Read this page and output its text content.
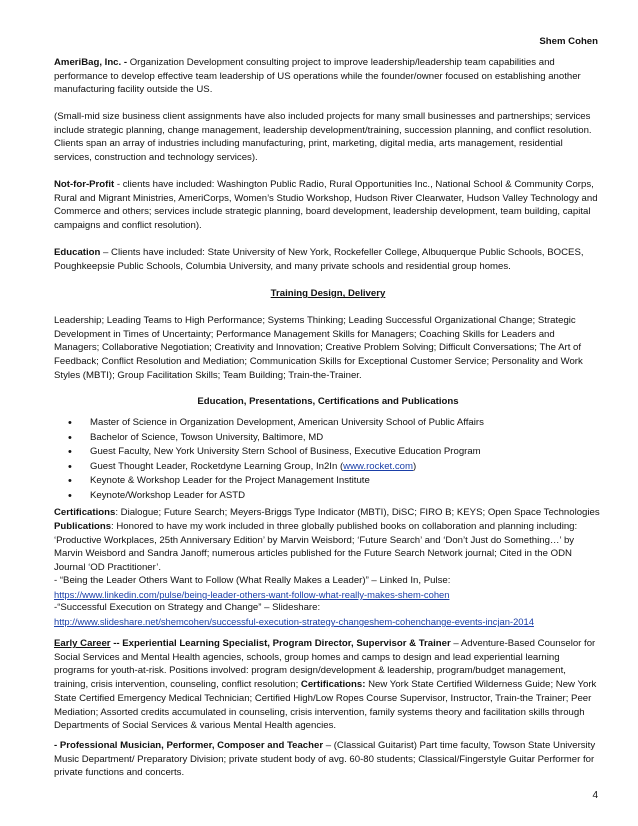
Shem Cohen

AmeriBag, Inc. - Organization Development consulting project to improve leadership/leadership team capabilities and performance to develop effective team leadership of US operations while the founder/owner focused on establishing another manufacturing facility outside the US.

(Small-mid size business client assignments have also included projects for many small businesses and partnerships; services include strategic planning, change management, leadership development/training, succession planning, and conflict resolution. Clients span an array of industries including manufacturing, print, marketing, digital media, arts management, residential services, construction and technology services).

Not-for-Profit - clients have included: Washington Public Radio, Rural Opportunities Inc., National School & Community Corps, Rural and Migrant Ministries, AmeriCorps, Women’s Studio Workshop, Hudson River Clearwater, Hudson Valley Technology and Commerce and others; services include strategic planning, board development, leadership development, team building, capital campaigns and conflict resolution).

Education – Clients have included: State University of New York, Rockefeller College, Albuquerque Public Schools, BOCES, Poughkeepsie Public Schools, Columbia University, and many private schools and residential group homes.

Training Design, Delivery

Leadership; Leading Teams to High Performance; Systems Thinking; Leading Successful Organizational Change; Strategic Development in Times of Uncertainty; Performance Management Skills for Managers; Coaching Skills for Leaders and Managers; Collaborative Negotiation; Creativity and Innovation; Creative Problem Solving; Difficult Conversations; The Art of Feedback; Conflict Resolution and Mediation; Communication Skills for Exceptional Customer Service; Personality and Work Styles (MBTI); Group Facilitation Skills; Team Building; Train-the-Trainer.

Education, Presentations, Certifications and Publications

• Master of Science in Organization Development, American University School of Public Affairs
• Bachelor of Science, Towson University, Baltimore, MD
• Guest Faculty, New York University Stern School of Business, Executive Education Program
• Guest Thought Leader, Rocketdyne Learning Group, In2In (www.rocket.com)
• Keynote & Workshop Leader for the Project Management Institute
• Keynote/Workshop Leader for ASTD

Certifications: Dialogue; Future Search; Meyers-Briggs Type Indicator (MBTI), DiSC; FIRO B; KEYS; Open Space Technologies

Publications: Honored to have my work included in three globally published books on collaboration and planning including: ‘Productive Workplaces, 25th Anniversary Edition’ by Marvin Weisbord; ‘Future Search’ and ‘Don’t Just do Something…’ by Marvin Weisbord and Sandra Janoff; numerous articles published for the Future Search Network journal; Cited in the ODN Journal ‘OD Practitioner’.

- “Being the Leader Others Want to Follow (What Really Makes a Leader)” – Linked In, Pulse:

https://www.linkedin.com/pulse/being-leader-others-want-follow-what-really-makes-shem-cohen

-“Successful Execution on Strategy and Change” – Slideshare:

http://www.slideshare.net/shemcohen/successful-execution-strategy-changeshem-cohenchange-events-incjan-2014

Early Career -- Experiential Learning Specialist, Program Director, Supervisor & Trainer – Adventure-Based Counselor for Social Services and Mental Health agencies, schools, group homes and camps to design and lead experiential learning programs for youth-at-risk. Positions involved: program design/development & leadership, program/budget management, training, crisis intervention, counseling, conflict resolution; Certifications: New York State Certified Wilderness Guide; New York State Certified Emergency Medical Technician; Certified High/Low Ropes Course Supervisor, Instructor, Train-the Trainer; Peer Mediation; Assorted credits accumulated in counseling, crisis intervention, family systems theory and facilitation skills through Departments of Social Services & various Mental Health agencies.

- Professional Musician, Performer, Composer and Teacher – (Classical Guitarist) Part time faculty, Towson State University Music Department/ Preparatory Division; private student body of avg. 60-80 students; Classical/Fingerstyle Guitar Performer for private functions and concerts.

4
